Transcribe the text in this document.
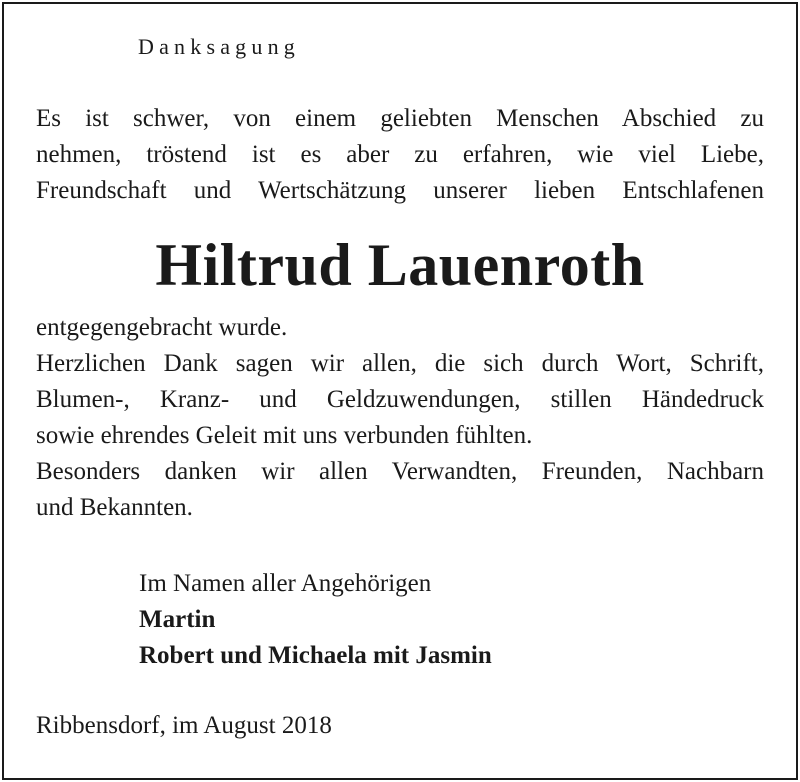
Danksagung

Es ist schwer, von einem geliebten Menschen Abschied zu
nehmen, tröstend ist es aber zu erfahren, wie viel Liebe,
Freundschaft und Wertschätzung unserer lieben Entschlafenen

Hiltrud Lauenroth

entgegengebracht wurde.
Herzlichen Dank sagen wir allen, die sich durch Wort, Schrift,
Blumen-, Kranz- und Geldzuwendungen, stillen Händedruck
sowie ehrendes Geleit mit uns verbunden fühlten.
Besonders danken wir allen Verwandten, Freunden, Nachbarn
und Bekannten.

Im Namen aller Angehörigen
Martin
Robert und Michaela mit Jasmin
Ribbensdorf, im August 2018
